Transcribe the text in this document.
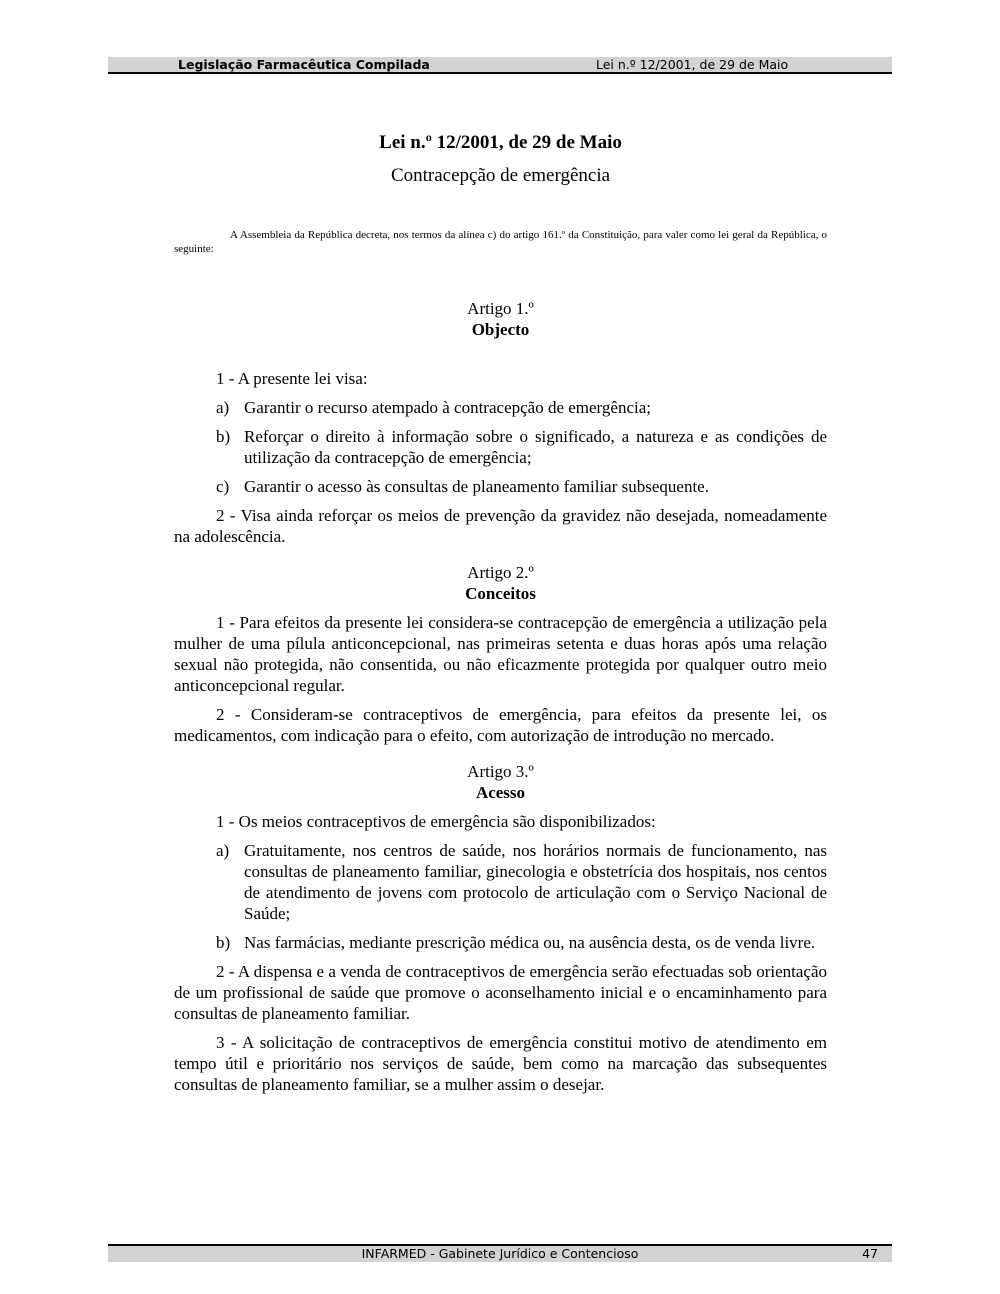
Legislação Farmacêutica Compilada	Lei n.º 12/2001, de 29 de Maio
Lei n.º 12/2001, de 29 de Maio
Contracepção de emergência

A Assembleia da República decreta, nos termos da alínea c) do artigo 161.º da Constituição, para valer como lei geral da República, o seguinte:

Artigo 1.º
Objecto

1 - A presente lei visa:

a) Garantir o recurso atempado à contracepção de emergência;
b) Reforçar o direito à informação sobre o significado, a natureza e as condições de utilização da contracepção de emergência;
c) Garantir o acesso às consultas de planeamento familiar subsequente.

2 - Visa ainda reforçar os meios de prevenção da gravidez não desejada, nomeadamente na adolescência.

Artigo 2.º
Conceitos

1 - Para efeitos da presente lei considera-se contracepção de emergência a utilização pela mulher de uma pílula anticoncepcional, nas primeiras setenta e duas horas após uma relação sexual não protegida, não consentida, ou não eficazmente protegida por qualquer outro meio anticoncepcional regular.

2 - Consideram-se contraceptivos de emergência, para efeitos da presente lei, os medicamentos, com indicação para o efeito, com autorização de introdução no mercado.

Artigo 3.º
Acesso

1 - Os meios contraceptivos de emergência são disponibilizados:

a) Gratuitamente, nos centros de saúde, nos horários normais de funcionamento, nas consultas de planeamento familiar, ginecologia e obstetrícia dos hospitais, nos centos de atendimento de jovens com protocolo de articulação com o Serviço Nacional de Saúde;
b) Nas farmácias, mediante prescrição médica ou, na ausência desta, os de venda livre.

2 - A dispensa e a venda de contraceptivos de emergência serão efectuadas sob orientação de um profissional de saúde que promove o aconselhamento inicial e o encaminhamento para consultas de planeamento familiar.

3 - A solicitação de contraceptivos de emergência constitui motivo de atendimento em tempo útil e prioritário nos serviços de saúde, bem como na marcação das subsequentes consultas de planeamento familiar, se a mulher assim o desejar.

INFARMED - Gabinete Jurídico e Contencioso	47
